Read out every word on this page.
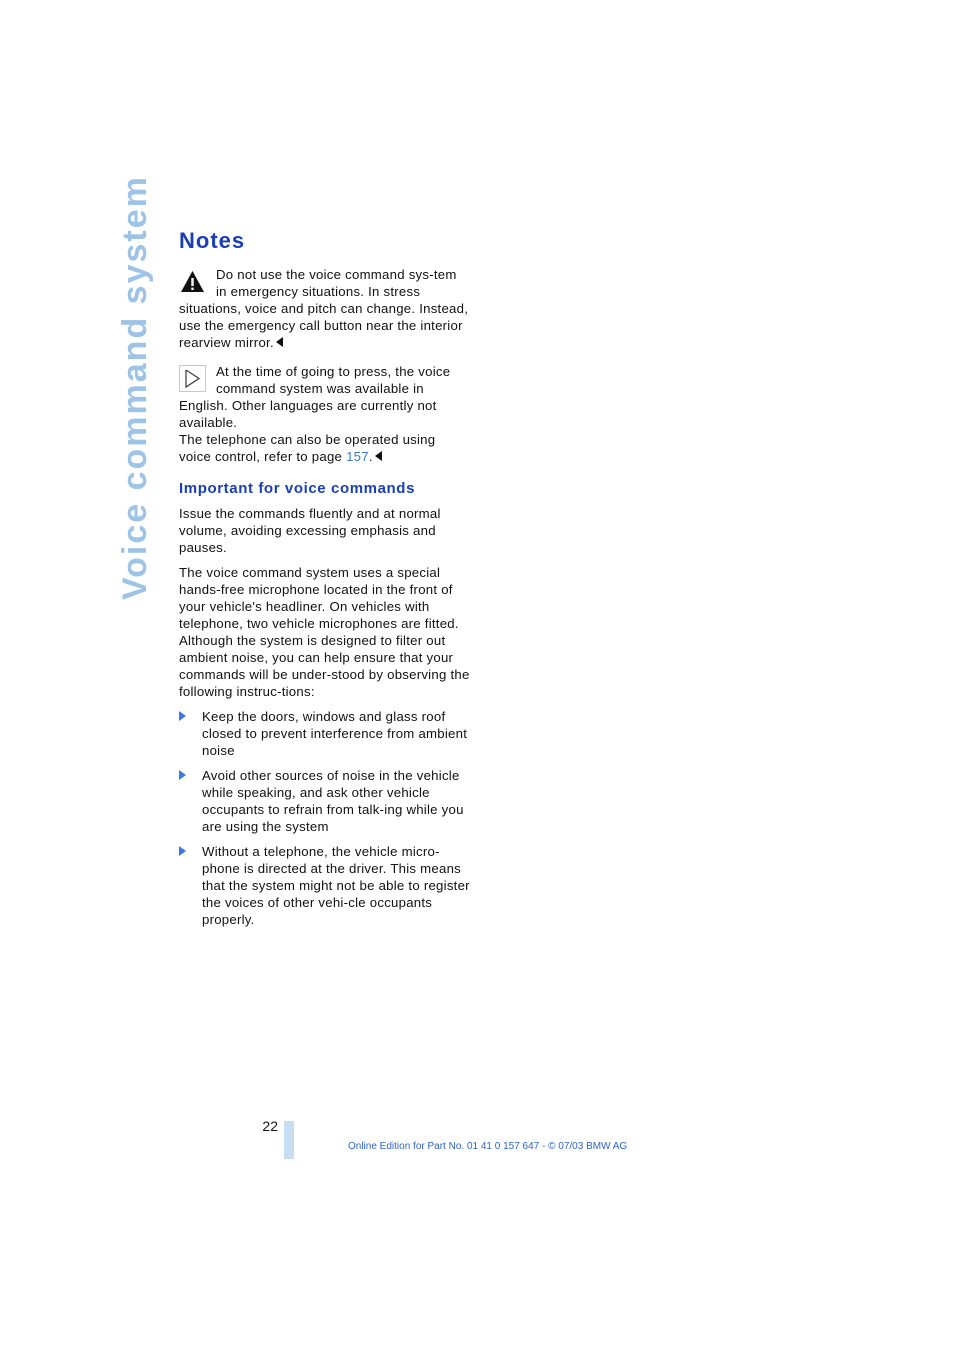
Voice command system Notes
Do not use the voice command sys-tem in emergency situations. In stress situations, voice and pitch can change. Instead, use the emergency call button near the interior rearview mirror.
At the time of going to press, the voice command system was available in English. Other languages are currently not available.
The telephone can also be operated using voice control, refer to page 157.
Important for voice commands

Issue the commands fluently and at normal volume, avoiding excessing emphasis and pauses.

The voice command system uses a special hands-free microphone located in the front of your vehicle's headliner. On vehicles with telephone, two vehicle microphones are fitted. Although the system is designed to filter out ambient noise, you can help ensure that your commands will be under-stood by observing the following instruc-tions:

Keep the doors, windows and glass roof closed to prevent interference from ambient noise
Avoid other sources of noise in the vehicle while speaking, and ask other vehicle occupants to refrain from talk-ing while you are using the system
Without a telephone, the vehicle micro-phone is directed at the driver. This means that the system might not be able to register the voices of other vehi-cle occupants properly.
22
Online Edition for Part No. 01 41 0 157 647 - © 07/03 BMW AG
